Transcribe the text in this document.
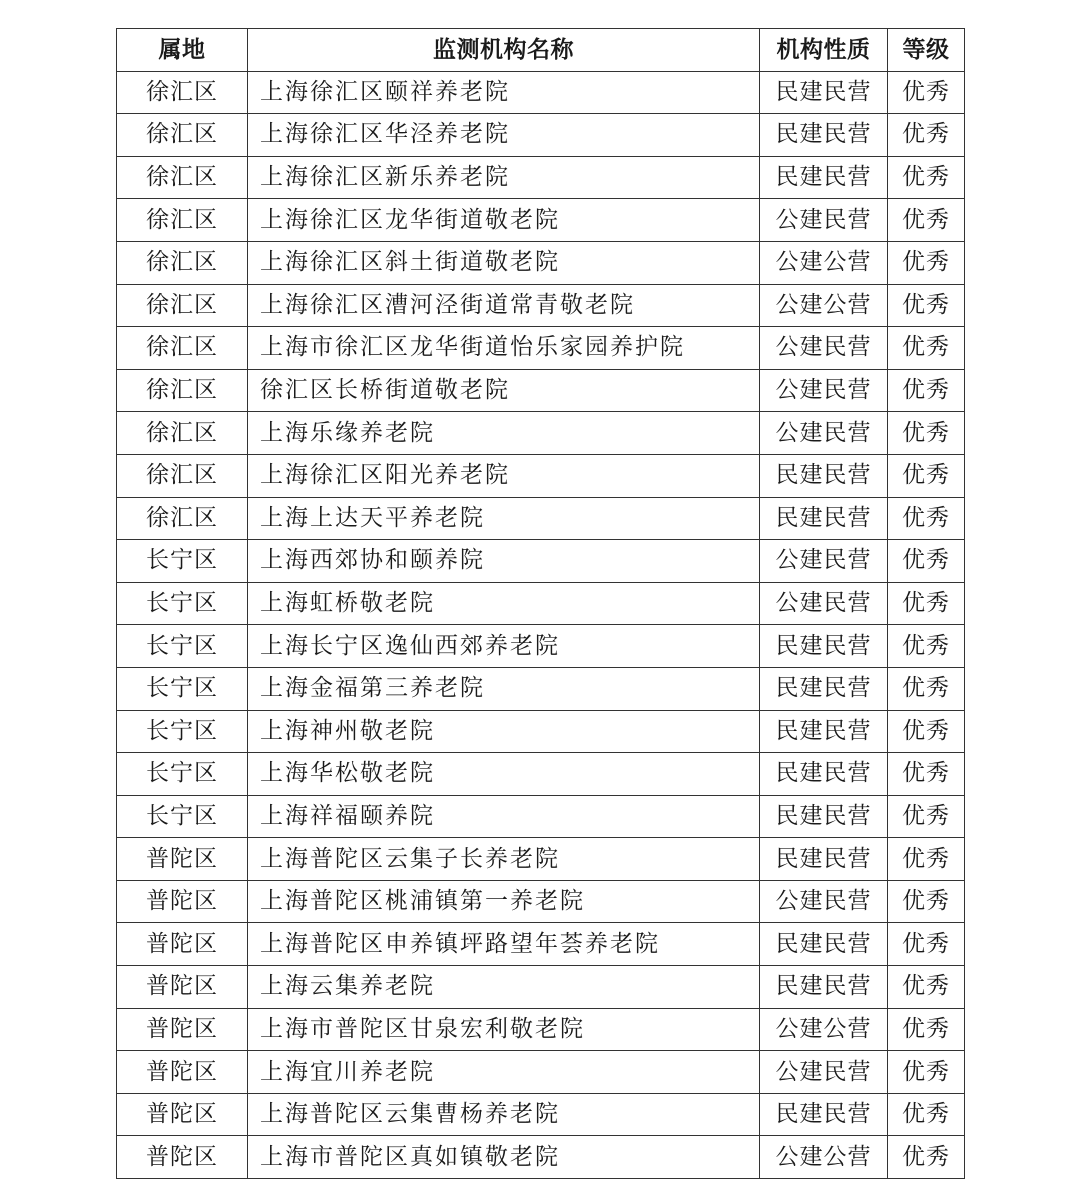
属地	监测机构名称	机构性质	等级
徐汇区	上海徐汇区颐祥养老院	民建民营	优秀
徐汇区	上海徐汇区华泾养老院	民建民营	优秀
徐汇区	上海徐汇区新乐养老院	民建民营	优秀
徐汇区	上海徐汇区龙华街道敬老院	公建民营	优秀
徐汇区	上海徐汇区斜土街道敬老院	公建公营	优秀
徐汇区	上海徐汇区漕河泾街道常青敬老院	公建公营	优秀
徐汇区	上海市徐汇区龙华街道怡乐家园养护院	公建民营	优秀
徐汇区	徐汇区长桥街道敬老院	公建民营	优秀
徐汇区	上海乐缘养老院	公建民营	优秀
徐汇区	上海徐汇区阳光养老院	民建民营	优秀
徐汇区	上海上达天平养老院	民建民营	优秀
长宁区	上海西郊协和颐养院	公建民营	优秀
长宁区	上海虹桥敬老院	公建民营	优秀
长宁区	上海长宁区逸仙西郊养老院	民建民营	优秀
长宁区	上海金福第三养老院	民建民营	优秀
长宁区	上海神州敬老院	民建民营	优秀
长宁区	上海华松敬老院	民建民营	优秀
长宁区	上海祥福颐养院	民建民营	优秀
普陀区	上海普陀区云集子长养老院	民建民营	优秀
普陀区	上海普陀区桃浦镇第一养老院	公建民营	优秀
普陀区	上海普陀区申养镇坪路望年荟养老院	民建民营	优秀
普陀区	上海云集养老院	民建民营	优秀
普陀区	上海市普陀区甘泉宏利敬老院	公建公营	优秀
普陀区	上海宜川养老院	公建民营	优秀
普陀区	上海普陀区云集曹杨养老院	民建民营	优秀
普陀区	上海市普陀区真如镇敬老院	公建公营	优秀
